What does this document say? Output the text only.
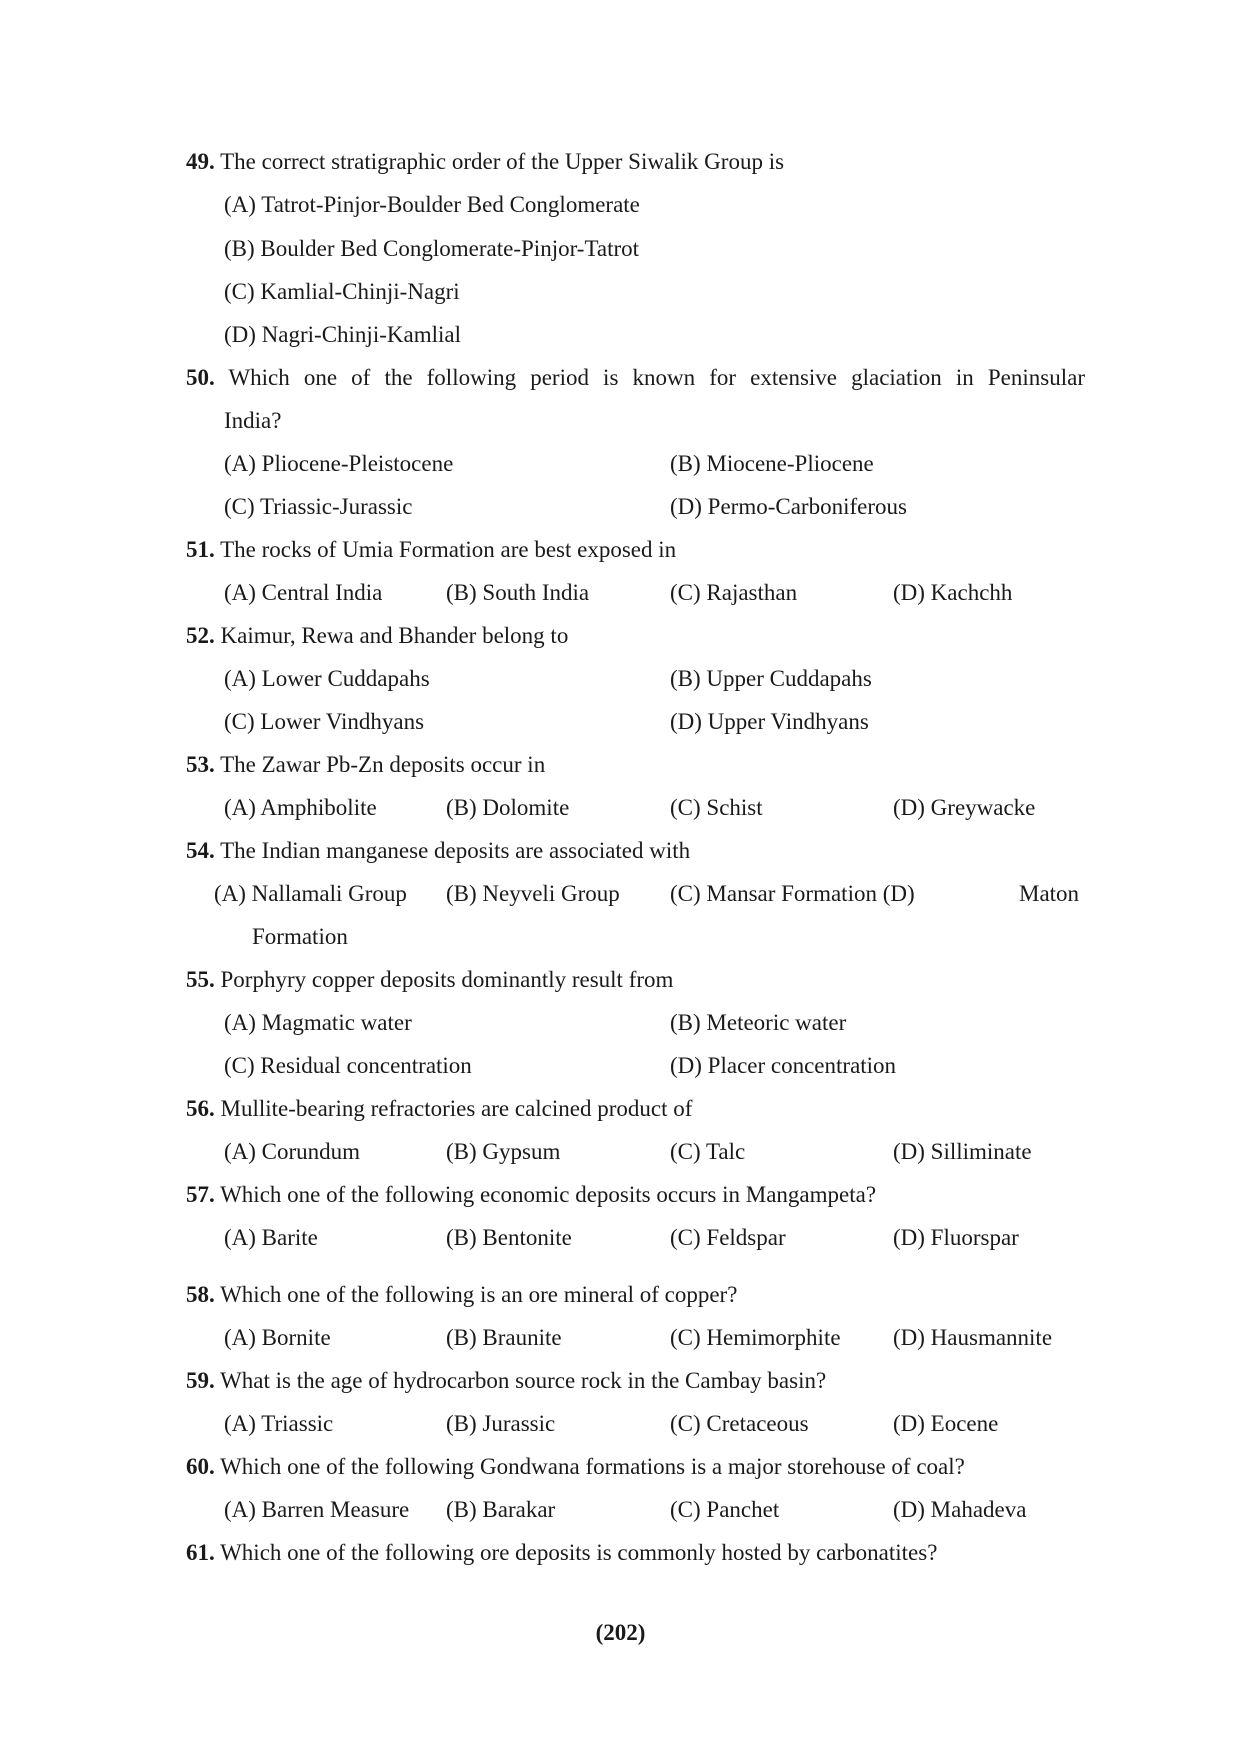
49. The correct stratigraphic order of the Upper Siwalik Group is
(A) Tatrot-Pinjor-Boulder Bed Conglomerate
(B) Boulder Bed Conglomerate-Pinjor-Tatrot
(C) Kamlial-Chinji-Nagri
(D) Nagri-Chinji-Kamlial
50. Which one of the following period is known for extensive glaciation in Peninsular
India?
(A) Pliocene-Pleistocene	(B) Miocene-Pliocene
(C) Triassic-Jurassic	(D) Permo-Carboniferous
51. The rocks of Umia Formation are best exposed in
(A) Central India	(B) South India	(C) Rajasthan	(D) Kachchh
52. Kaimur, Rewa and Bhander belong to
(A) Lower Cuddapahs	(B) Upper Cuddapahs
(C) Lower Vindhyans	(D) Upper Vindhyans
53. The Zawar Pb-Zn deposits occur in
(A) Amphibolite	(B) Dolomite	(C) Schist	(D) Greywacke
54. The Indian manganese deposits are associated with
(A) Nallamali Group (B) Neyveli Group (C) Mansar Formation (D)	Maton
Formation
55. Porphyry copper deposits dominantly result from
(A) Magmatic water	(B) Meteoric water
(C) Residual concentration	(D) Placer concentration
56. Mullite-bearing refractories are calcined product of
(A) Corundum	(B) Gypsum	(C) Talc	(D) Silliminate
57. Which one of the following economic deposits occurs in Mangampeta?
(A) Barite	(B) Bentonite	(C) Feldspar	(D) Fluorspar
58. Which one of the following is an ore mineral of copper?
(A) Bornite	(B) Braunite	(C) Hemimorphite (D) Hausmannite
59. What is the age of hydrocarbon source rock in the Cambay basin?
(A) Triassic	(B) Jurassic	(C) Cretaceous	(D) Eocene
60. Which one of the following Gondwana formations is a major storehouse of coal?
(A) Barren Measure (B) Barakar	(C) Panchet	(D) Mahadeva
61. Which one of the following ore deposits is commonly hosted by carbonatites?
(202)
